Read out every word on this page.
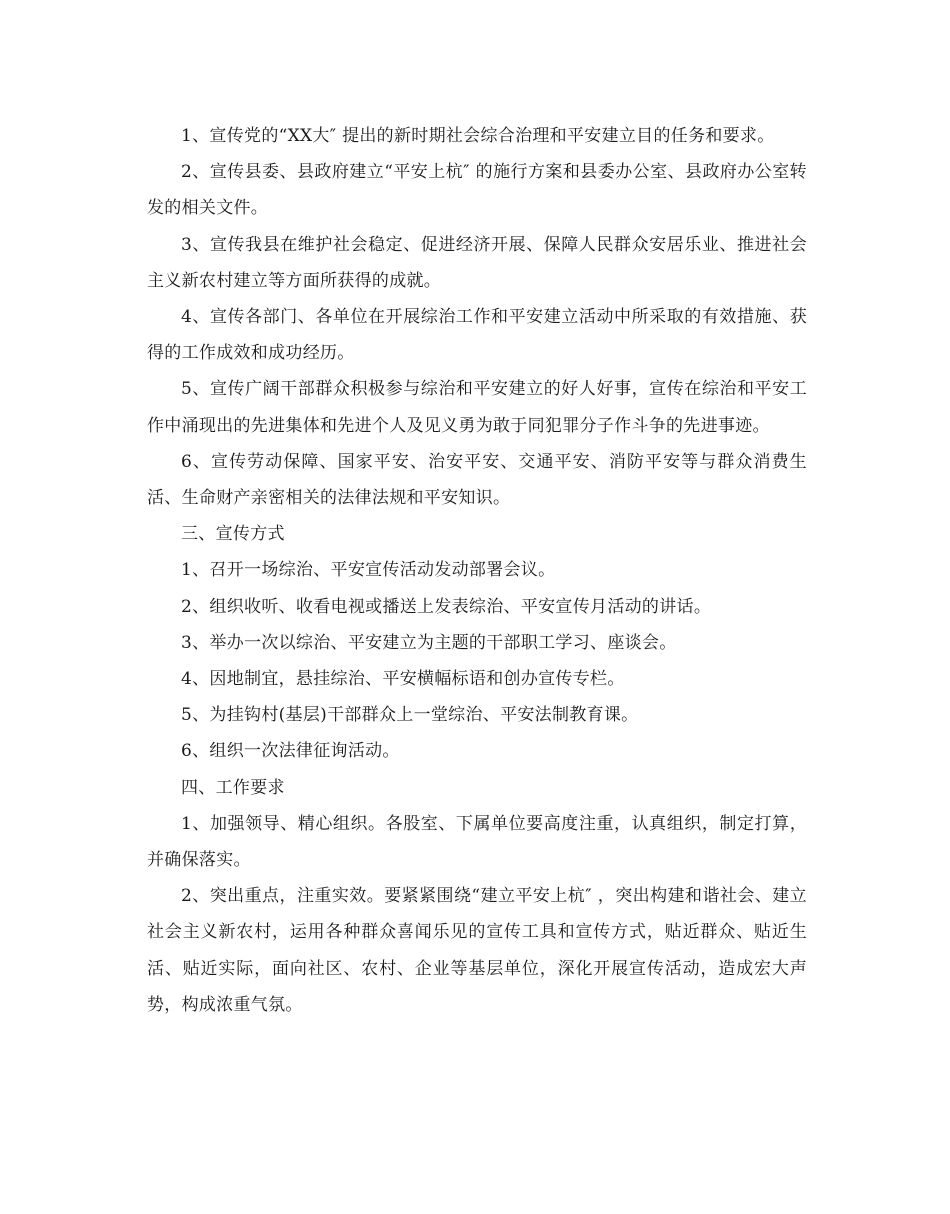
1、宣传党的“XX大″ 提出的新时期社会综合治理和平安建立目的任务和要求。

2、宣传县委、县政府建立“平安上杭″ 的施行方案和县委办公室、县政府办公室转发的相关文件。

3、宣传我县在维护社会稳定、促进经济开展、保障人民群众安居乐业、推进社会主义新农村建立等方面所获得的成就。

4、宣传各部门、各单位在开展综治工作和平安建立活动中所采取的有效措施、获得的工作成效和成功经历。

5、宣传广阔干部群众积极参与综治和平安建立的好人好事，宣传在综治和平安工作中涌现出的先进集体和先进个人及见义勇为敢于同犯罪分子作斗争的先进事迹。

6、宣传劳动保障、国家平安、治安平安、交通平安、消防平安等与群众消费生活、生命财产亲密相关的法律法规和平安知识。

三、宣传方式

1、召开一场综治、平安宣传活动发动部署会议。

2、组织收听、收看电视或播送上发表综治、平安宣传月活动的讲话。

3、举办一次以综治、平安建立为主题的干部职工学习、座谈会。

4、因地制宜，悬挂综治、平安横幅标语和创办宣传专栏。

5、为挂钩村(基层)干部群众上一堂综治、平安法制教育课。

6、组织一次法律征询活动。

四、工作要求

1、加强领导、精心组织。各股室、下属单位要高度注重，认真组织，制定打算，并确保落实。

2、突出重点，注重实效。要紧紧围绕“建立平安上杭″ ，突出构建和谐社会、建立社会主义新农村，运用各种群众喜闻乐见的宣传工具和宣传方式，贴近群众、贴近生活、贴近实际，面向社区、农村、企业等基层单位，深化开展宣传活动，造成宏大声势，构成浓重气氛。
